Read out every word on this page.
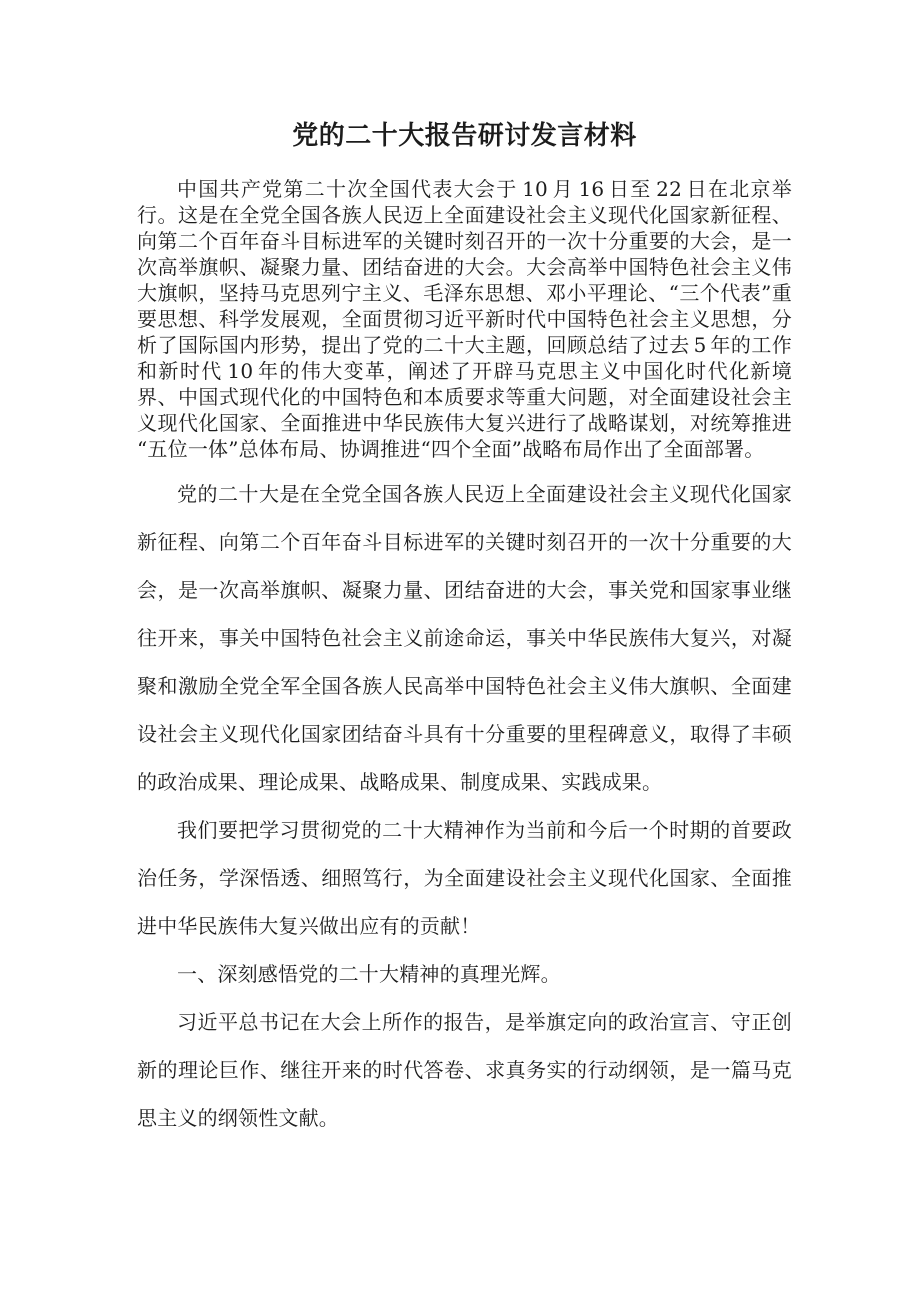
党的二十大报告研讨发言材料

中国共产党第二十次全国代表大会于 10 月 16 日至 22 日在北京举行。这是在全党全国各族人民迈上全面建设社会主义现代化国家新征程、向第二个百年奋斗目标进军的关键时刻召开的一次十分重要的大会，是一次高举旗帜、凝聚力量、团结奋进的大会。大会高举中国特色社会主义伟大旗帜，坚持马克思列宁主义、毛泽东思想、邓小平理论、“三个代表”重要思想、科学发展观，全面贯彻习近平新时代中国特色社会主义思想，分析了国际国内形势，提出了党的二十大主题，回顾总结了过去 5 年的工作和新时代 10 年的伟大变革，阐述了开辟马克思主义中国化时代化新境界、中国式现代化的中国特色和本质要求等重大问题，对全面建设社会主义现代化国家、全面推进中华民族伟大复兴进行了战略谋划，对统筹推进“五位一体”总体布局、协调推进“四个全面”战略布局作出了全面部署。

党的二十大是在全党全国各族人民迈上全面建设社会主义现代化国家新征程、向第二个百年奋斗目标进军的关键时刻召开的一次十分重要的大会，是一次高举旗帜、凝聚力量、团结奋进的大会，事关党和国家事业继往开来，事关中国特色社会主义前途命运，事关中华民族伟大复兴，对凝聚和激励全党全军全国各族人民高举中国特色社会主义伟大旗帜、全面建设社会主义现代化国家团结奋斗具有十分重要的里程碑意义，取得了丰硕的政治成果、理论成果、战略成果、制度成果、实践成果。

我们要把学习贯彻党的二十大精神作为当前和今后一个时期的首要政治任务，学深悟透、细照笃行，为全面建设社会主义现代化国家、全面推进中华民族伟大复兴做出应有的贡献！

一、深刻感悟党的二十大精神的真理光辉。

习近平总书记在大会上所作的报告，是举旗定向的政治宣言、守正创新的理论巨作、继往开来的时代答卷、求真务实的行动纲领，是一篇马克思主义的纲领性文献。
